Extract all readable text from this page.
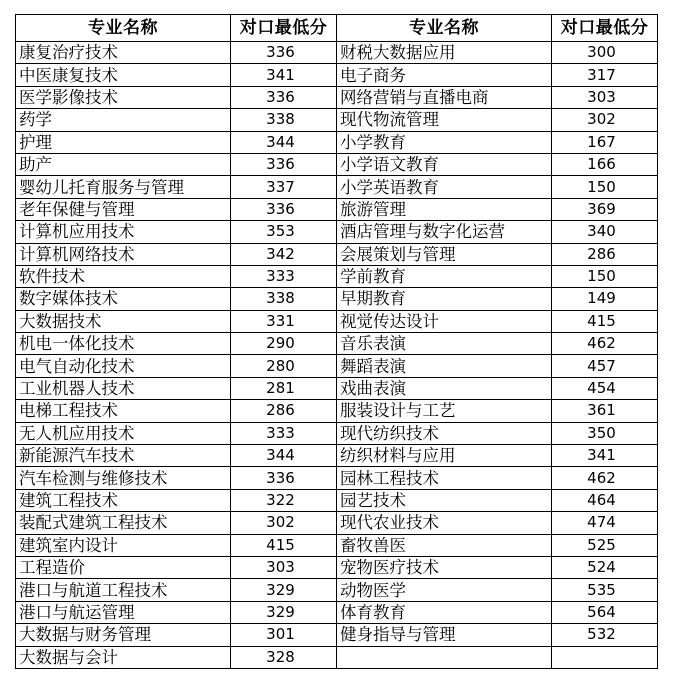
专业名称	对口最低分	专业名称	对口最低分
康复治疗技术	336	财税大数据应用	300
中医康复技术	341	电子商务	317
医学影像技术	336	网络营销与直播电商	303
药学	338	现代物流管理	302
护理	344	小学教育	167
助产	336	小学语文教育	166
婴幼儿托育服务与管理	337	小学英语教育	150
老年保健与管理	336	旅游管理	369
计算机应用技术	353	酒店管理与数字化运营	340
计算机网络技术	342	会展策划与管理	286
软件技术	333	学前教育	150
数字媒体技术	338	早期教育	149
大数据技术	331	视觉传达设计	415
机电一体化技术	290	音乐表演	462
电气自动化技术	280	舞蹈表演	457
工业机器人技术	281	戏曲表演	454
电梯工程技术	286	服装设计与工艺	361
无人机应用技术	333	现代纺织技术	350
新能源汽车技术	344	纺织材料与应用	341
汽车检测与维修技术	336	园林工程技术	462
建筑工程技术	322	园艺技术	464
装配式建筑工程技术	302	现代农业技术	474
建筑室内设计	415	畜牧兽医	525
工程造价	303	宠物医疗技术	524
港口与航道工程技术	329	动物医学	535
港口与航运管理	329	体育教育	564
大数据与财务管理	301	健身指导与管理	532
大数据与会计	328		
